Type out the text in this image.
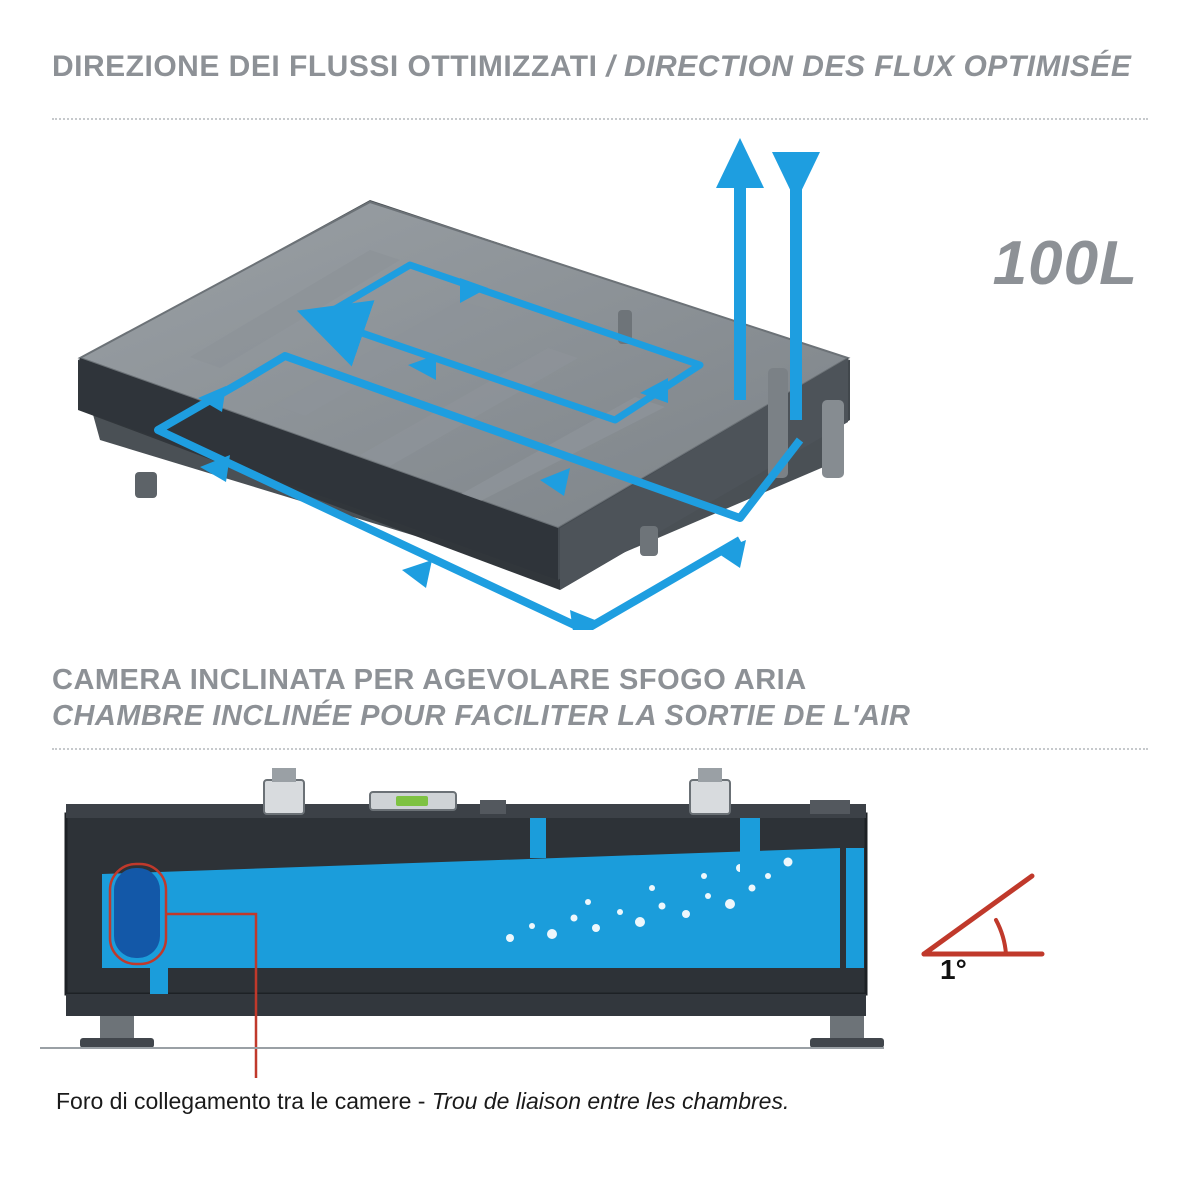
DIREZIONE DEI FLUSSI OTTIMIZZATI / DIRECTION DES FLUX OPTIMISÉE
100L
CAMERA INCLINATA PER AGEVOLARE SFOGO ARIA
CHAMBRE INCLINÉE POUR FACILITER LA SORTIE DE L'AIR
1°
Foro di collegamento tra le camere - Trou de liaison entre les chambres.
